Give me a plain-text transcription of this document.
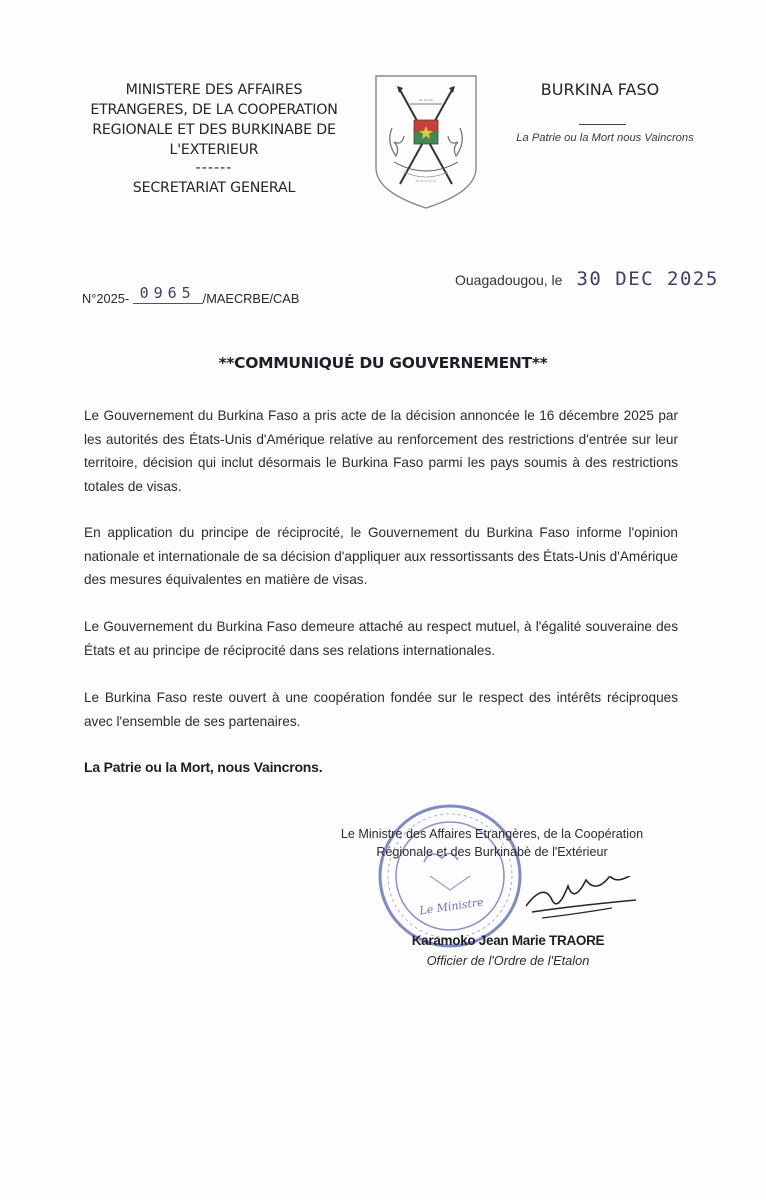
MINISTERE DES AFFAIRES
ETRANGERES, DE LA COOPERATION
REGIONALE ET DES BURKINABE DE
L'EXTERIEUR
------
SECRETARIAT GENERAL
~~~
~~~~~
BURKINA FASO
La Patrie ou la Mort nous Vaincrons
Ouagadougou, le 30 DEC 2025
N°2025- 0965 /MAECRBE/CAB
**COMMUNIQUÉ DU GOUVERNEMENT**
Le Gouvernement du Burkina Faso a pris acte de la décision annoncée le 16 décembre 2025 par les autorités des États-Unis d'Amérique relative au renforcement des restrictions d'entrée sur leur territoire, décision qui inclut désormais le Burkina Faso parmi les pays soumis à des restrictions totales de visas.
En application du principe de réciprocité, le Gouvernement du Burkina Faso informe l'opinion nationale et internationale de sa décision d'appliquer aux ressortissants des États-Unis d'Amérique des mesures équivalentes en matière de visas.
Le Gouvernement du Burkina Faso demeure attaché au respect mutuel, à l'égalité souveraine des États et au principe de réciprocité dans ses relations internationales.
Le Burkina Faso reste ouvert à une coopération fondée sur le respect des intérêts réciproques avec l'ensemble de ses partenaires.
La Patrie ou la Mort, nous Vaincrons.
Le Ministre
Le Ministre des Affaires Etrangères, de la Coopération
Régionale et des Burkinabè de l'Extérieur
Karamoko Jean Marie TRAORE
Officier de l'Ordre de l'Etalon
